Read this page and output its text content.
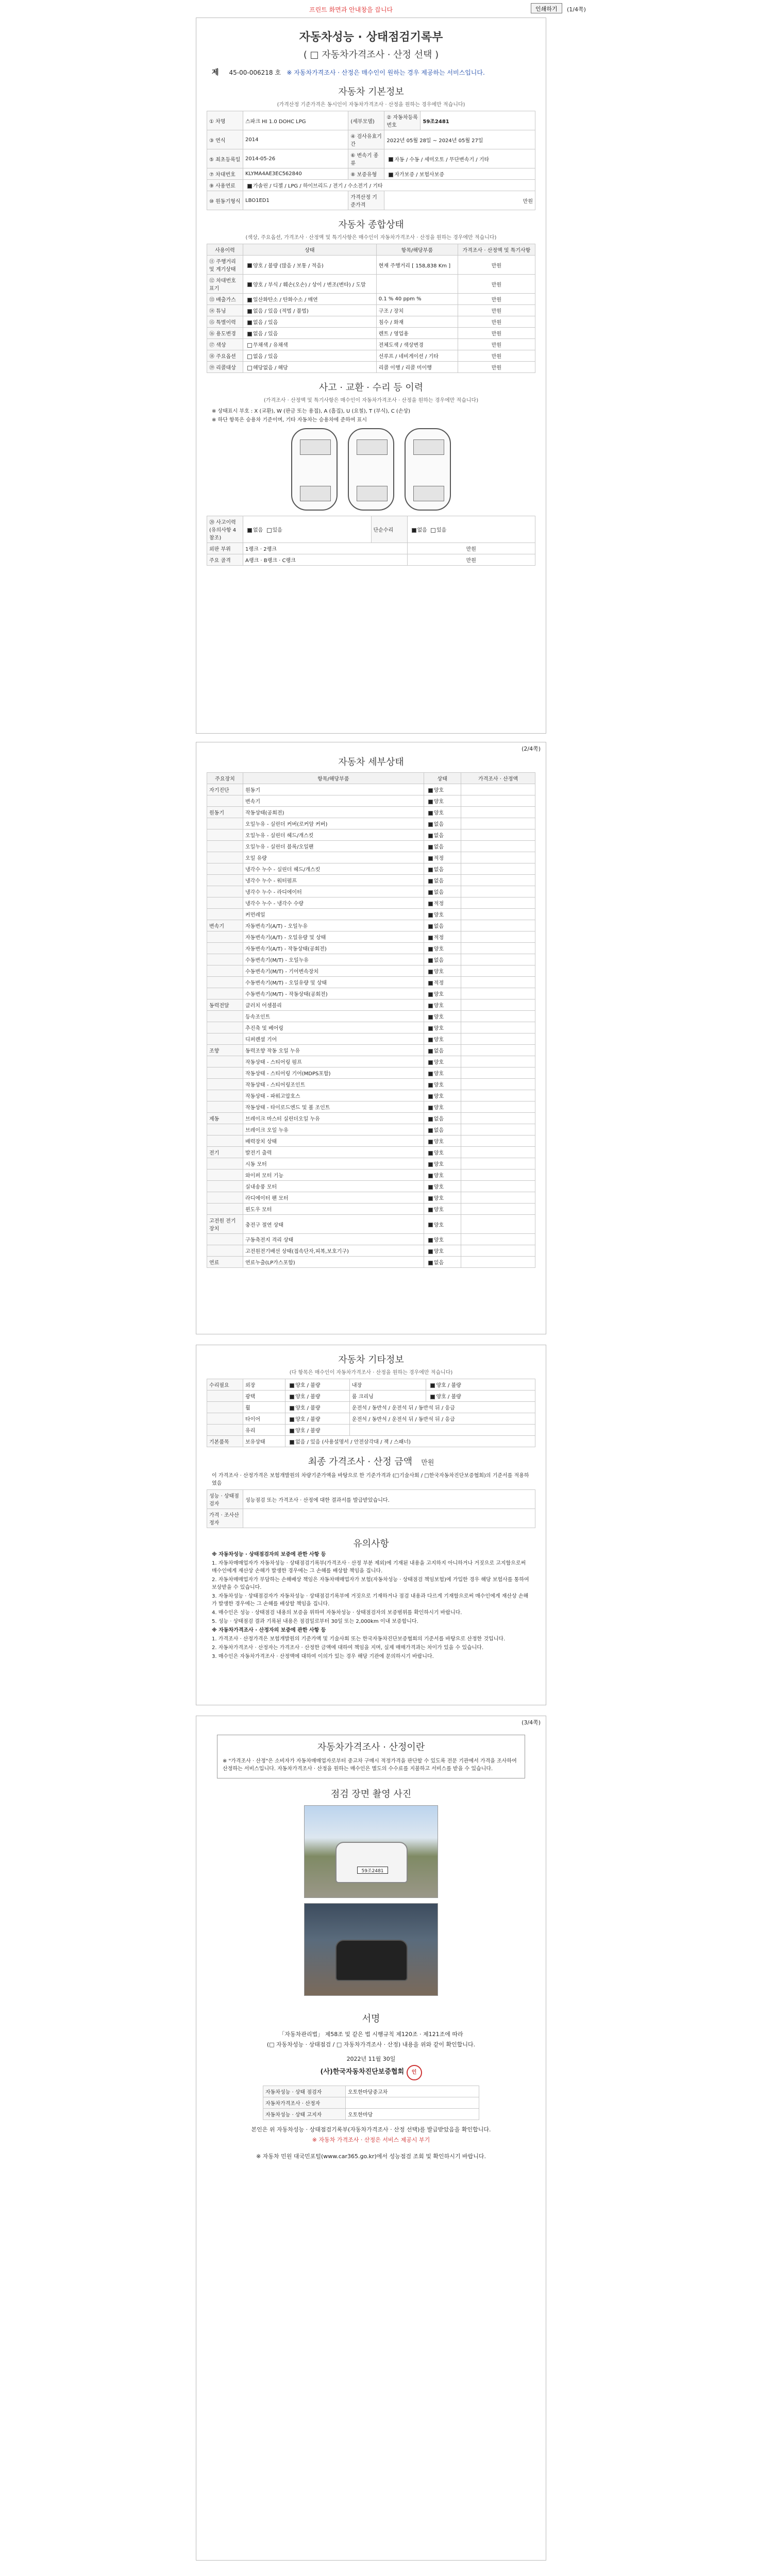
프린트 화면과 안내창을 끕니다	인쇄하기	(1/4쪽)
자동차성능 · 상태점검기록부
( □ 자동차가격조사 · 산정 선택 )
제 45-00-006218 호 ※ 자동차가격조사 · 산정은 매수인이 원하는 경우 제공하는 서비스입니다.
자동차 기본정보
(가격산정 기준가격은 동시인이 자동차가격조사 · 산정을 원하는 경우에만 적습니다)
① 차명	스파크 HI 1.0 DOHC LPG	(세부모델)	② 자동차등록번호	59조2481
③ 연식	2014	④ 검사유효기간	2022년 05월 28일 ~ 2024년 05월 27일	
⑤ 최초등록일	2014-05-26	⑥ 변속기 종류	자동 / 수동 / 세미오토 / 무단변속기 / 기타	
⑦ 차대번호	KLYMA4AE3EC562840	⑧ 보증유형	자가보증 / 보험사보증	
⑨ 사용연료	가솔린 / 디젤 / LPG / 하이브리드 / 전기 / 수소전기 / 기타			
⑩ 원동기형식	LBO1ED1	가격산정 기준가격	만원	
자동차 종합상태
(색상, 주요옵션, 가격조사 · 산정액 및 특기사항은 매수인이 자동차가격조사 · 산정을 원하는 경우에만 적습니다)
사용이력	상태	항목/해당부품	가격조사 · 산정액 및 특기사항
⑪ 주행거리 및 계기상태	양호 / 불량 (많음 / 보통 / 적음)	현재 주행거리 [ 158,838 Km ]	만원
⑫ 차대번호 표기	양호 / 부식 / 훼손(오손) / 상이 / 변조(변타) / 도말		만원
⑬ 배출가스	일산화탄소 / 탄화수소 / 매연	0.1 % 40 ppm %	만원
⑭ 튜닝	없음 / 있음 (적법 / 불법)	구조 / 장치	만원
⑮ 특별이력	없음 / 있음	침수 / 화재	만원
⑯ 용도변경	없음 / 있음	렌트 / 영업용	만원
⑰ 색상	무채색 / 유채색	전체도색 / 색상변경	만원
⑱ 주요옵션	없음 / 있음	선루프 / 네비게이션 / 기타	만원
⑲ 리콜대상	해당없음 / 해당	리콜 이행 / 리콜 미이행	만원
사고 · 교환 · 수리 등 이력
(가격조사 · 산정액 및 특기사항은 매수인이 자동차가격조사 · 산정을 원하는 경우에만 적습니다)
※ 상태표시 부호 : X (교환), W (판금 또는 용접), A (흠집), U (요철), T (부식), C (손상)
※ 하단 항목은 승용차 기준이며, 기타 자동차는 승용차에 준하여 표시
⑳ 사고이력(유의사항 4 참조)	없음 있음	단순수리	없음 있음
외판 부위	1랭크 · 2랭크		만원
주요 골격	A랭크 · B랭크 · C랭크		만원
(2/4쪽)
자동차 세부상태
주요장치	항목/해당부품	상태	가격조사 · 산정액
자기진단	원동기	양호	
	변속기	양호	
원동기	작동상태(공회전)	양호	
	오일누유 - 실린더 커버(로커암 커버)	없음	
	오일누유 - 실린더 헤드/개스킷	없음	
	오일누유 - 실린더 블록/오일팬	없음	
	오일 유량	적정	
	냉각수 누수 - 실린더 헤드/개스킷	없음	
	냉각수 누수 - 워터펌프	없음	
	냉각수 누수 - 라디에이터	없음	
	냉각수 누수 - 냉각수 수량	적정	
	커먼레일	양호	
변속기	자동변속기(A/T) - 오일누유	없음	
	자동변속기(A/T) - 오일유량 및 상태	적정	
	자동변속기(A/T) - 작동상태(공회전)	양호	
	수동변속기(M/T) - 오일누유	없음	
	수동변속기(M/T) - 기어변속장치	양호	
	수동변속기(M/T) - 오일유량 및 상태	적정	
	수동변속기(M/T) - 작동상태(공회전)	양호	
동력전달	클러치 어셈블리	양호	
	등속조인트	양호	
	추진축 및 베어링	양호	
	디퍼렌셜 기어	양호	
조향	동력조향 작동 오일 누유	없음	
	작동상태 - 스티어링 펌프	양호	
	작동상태 - 스티어링 기어(MDPS포함)	양호	
	작동상태 - 스티어링조인트	양호	
	작동상태 - 파워고압호스	양호	
	작동상태 - 타이로드엔드 및 볼 조인트	양호	
제동	브레이크 마스터 실린더오일 누유	없음	
	브레이크 오일 누유	없음	
	배력장치 상태	양호	
전기	발전기 출력	양호	
	시동 모터	양호	
	와이퍼 모터 기능	양호	
	실내송풍 모터	양호	
	라디에이터 팬 모터	양호	
	윈도우 모터	양호	
고전원 전기장치	충전구 절연 상태	양호	
	구동축전지 격리 상태	양호	
	고전원전기배선 상태(접속단자,피복,보호기구)	양호	
연료	연료누출(LP가스포함)	없음	
자동차 기타정보
(다 항목은 매수인이 자동차가격조사 · 산정을 원하는 경우에만 적습니다)
수리필요	외장	양호 / 불량	내장	양호 / 불량
	광택	양호 / 불량	룸 크리닝	양호 / 불량
	휠	양호 / 불량	운전석 / 동반석 / 운전석 뒤 / 동반석 뒤 / 응급	
	타이어	양호 / 불량	운전석 / 동반석 / 운전석 뒤 / 동반석 뒤 / 응급	
	유리	양호 / 불량		
기본품목	보유상태	없음 / 있음 (사용설명서 / 안전삼각대 / 잭 / 스패너)		
최종 가격조사 · 산정 금액 만원
이 가격조사 · 산정가격은 보험개발원의 차량기준가액을 바탕으로 한 기준가격과 (□기술사회 / □한국자동차진단보증협회)의 기준서를 적용하였음
성능 · 상태점검자	성능점검 또는 가격조사 · 산정에 대한 결과서를 발급받았습니다.
가격 · 조사산정자	
유의사항

※ 자동차성능 · 상태점검자의 보증에 관한 사항 등

1. 자동차매매업자가 자동차성능 · 상태점검기록부(가격조사 · 산정 부분 제외)에 기재된 내용을 고지하지 아니하거나 거짓으로 고지함으로써 매수인에게 재산상 손해가 발생한 경우에는 그 손해를 배상할 책임을 집니다.

2. 자동차매매업자가 부담하는 손해배상 책임은 자동차매매업자가 보험(자동차성능 · 상태점검 책임보험)에 가입한 경우 해당 보험사를 통하여 보상받을 수 있습니다.

3. 자동차성능 · 상태점검자가 자동차성능 · 상태점검기록부에 거짓으로 기재하거나 점검 내용과 다르게 기재함으로써 매수인에게 재산상 손해가 발생한 경우에는 그 손해를 배상할 책임을 집니다.

4. 매수인은 성능 · 상태점검 내용의 보증을 위하여 자동차성능 · 상태점검자의 보증범위를 확인하시기 바랍니다.

5. 성능 · 상태점검 결과 기록된 내용은 점검일로부터 30일 또는 2,000km 이내 보증합니다.

※ 자동차가격조사 · 산정자의 보증에 관한 사항 등

1. 가격조사 · 산정가격은 보험개발원의 기준가액 및 기술사회 또는 한국자동차진단보증협회의 기준서를 바탕으로 산정한 것입니다.

2. 자동차가격조사 · 산정자는 가격조사 · 산정한 금액에 대하여 책임을 지며, 실제 매매가격과는 차이가 있을 수 있습니다.

3. 매수인은 자동차가격조사 · 산정액에 대하여 이의가 있는 경우 해당 기관에 문의하시기 바랍니다.

(3/4쪽)
자동차가격조사 · 산정이란

※ "가격조사 · 산정"은 소비자가 자동차매매업자로부터 중고차 구매시 적정가격을 판단할 수 있도록 전문 기관에서 가격을 조사하여 산정하는 서비스입니다. 자동차가격조사 · 산정을 원하는 매수인은 별도의 수수료를 지불하고 서비스를 받을 수 있습니다.

점검 장면 촬영 사진
59조2481
서명
「자동차관리법」 제58조 및 같은 법 시행규칙 제120조 · 제121조에 따라
(□ 자동차성능 · 상태점검 / □ 자동차가격조사 · 산정) 내용을 위와 같이 확인합니다.
2022년 11월 30일
(사)한국자동차진단보증협회 인
자동차성능 · 상태 점검자	오토한마당중고차
자동차가격조사 · 산정자	
자동차성능 · 상태 고지자	오토한마당
본인은 위 자동차성능 · 상태점검기록부(자동차가격조사 · 산정 선택)를 발급받았음을 확인합니다.
※ 자동차 가격조사 · 산정은 서비스 제공시 부기
※ 자동차 민원 대국민포털(www.car365.go.kr)에서 성능점검 조회 및 확인하시기 바랍니다.
